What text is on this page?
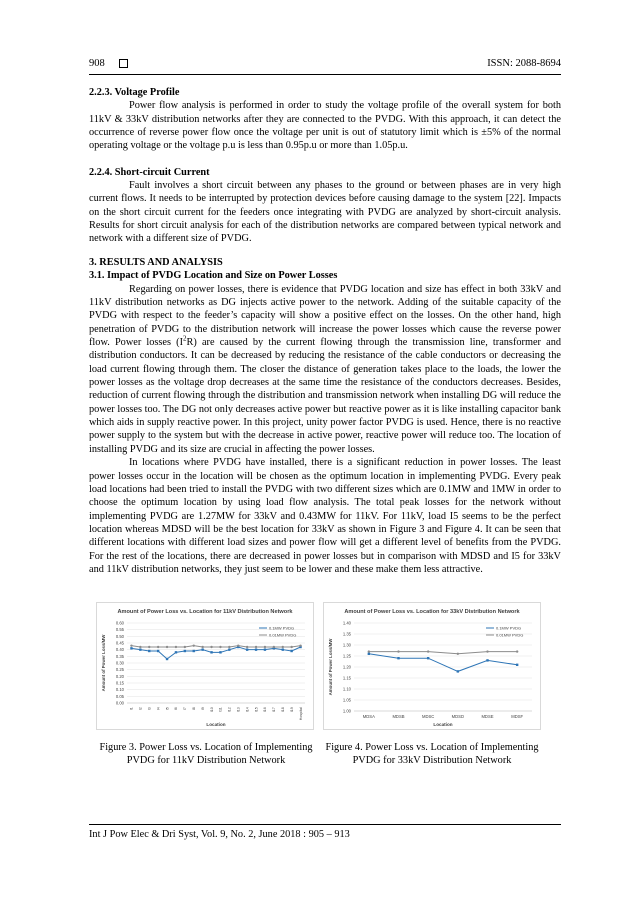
908	ISSN: 2088-8694
2.2.3. Voltage Profile

Power flow analysis is performed in order to study the voltage profile of the overall system for both 11kV & 33kV distribution networks after they are connected to the PVDG. With this approach, it can detect the occurrence of reverse power flow once the voltage per unit is out of statutory limit which is ±5% of the normal operating voltage or the voltage p.u is less than 0.95p.u or more than 1.05p.u.

2.2.4. Short-circuit Current

Fault involves a short circuit between any phases to the ground or between phases are in very high current flows. It needs to be interrupted by protection devices before causing damage to the system [22]. Impacts on the short circuit current for the feeders once integrating with PVDG are analyzed by short-circuit analysis. Results for short circuit analysis for each of the distribution networks are compared between typical network and network with a different size of PVDG.

3. RESULTS AND ANALYSIS
3.1. Impact of PVDG Location and Size on Power Losses

Regarding on power losses, there is evidence that PVDG location and size has effect in both 33kV and 11kV distribution networks as DG injects active power to the network. Adding of the suitable capacity of the PVDG with respect to the feeder’s capacity will show a positive effect on the losses. On the other hand, high penetration of PVDG to the distribution network will increase the power losses which cause the reverse power flow. Power losses $(I^2R)$ are caused by the current flowing through the transmission line, transformer and distribution conductors. It can be decreased by reducing the resistance of the cable conductors or decreasing the load current flowing through them. The closer the distance of generation takes place to the loads, the lower the power losses as the voltage drop decreases at the same time the resistance of the conductors decreases. Besides, reduction of current flowing through the distribution and transmission network when installing DG will reduce the power losses too. The DG not only decreases active power but reactive power as it is like installing capacitor bank which aids in supply reactive power. In this project, unity power factor PVDG is used. Hence, there is no reactive power supply to the system but with the decrease in active power, reactive power will reduce too. The location of installing PVDG and its size are crucial in affecting the power losses.

In locations where PVDG have installed, there is a significant reduction in power losses. The least power losses occur in the location will be chosen as the optimum location in implementing PVDG. Every peak load locations had been tried to install the PVDG with two different sizes which are 0.1MW and 1MW in order to choose the optimum location by using load flow analysis. The total peak losses for the network without implementing PVDG are 1.27MW for 33kV and 0.43MW for 11kV. For 11kV, load I5 seems to be the perfect location whereas MDSD will be the best location for 33kV as shown in Figure 3 and Figure 4. It can be seen that different locations with different load sizes and power flow will get a different level of benefits from the PVDG. For the rest of the locations, there are decreased in power losses but in comparison with MDSD and I5 for 33kV and 11kV distribution networks, they just seem to be lower and these make them less attractive.

Amount of Power Loss vs. Location for 11kV Distribution Network
0.00
0.05
0.10
0.15
0.20
0.25
0.30
0.35
0.40
0.45
0.50
0.55
0.60
I1 I2 I3 I4 I5 I6 I7 I8 I9 I10 I11 I12 I13 I14 I15 I16 I17 I18 I19 Hospital
Location
Amount of Power Loss/MW
0.1MW PVDG
0.01MW PVDG
Amount of Power Loss vs. Location for 33kV Distribution Network
1.00
1.05
1.10
1.15
1.20
1.25
1.30
1.35
1.40
MDSA	MDSB	MDSC	MDSD	MDSE	MDSF
Location
Amount of Power Loss/MW
0.1MW PVDG
0.01MW PVDG
Figure 3. Power Loss vs. Location of Implementing
PVDG for 11kV Distribution Network
Figure 4. Power Loss vs. Location of Implementing
PVDG for 33kV Distribution Network
Int J Pow Elec & Dri Syst, Vol. 9, No. 2, June 2018 : 905 – 913
